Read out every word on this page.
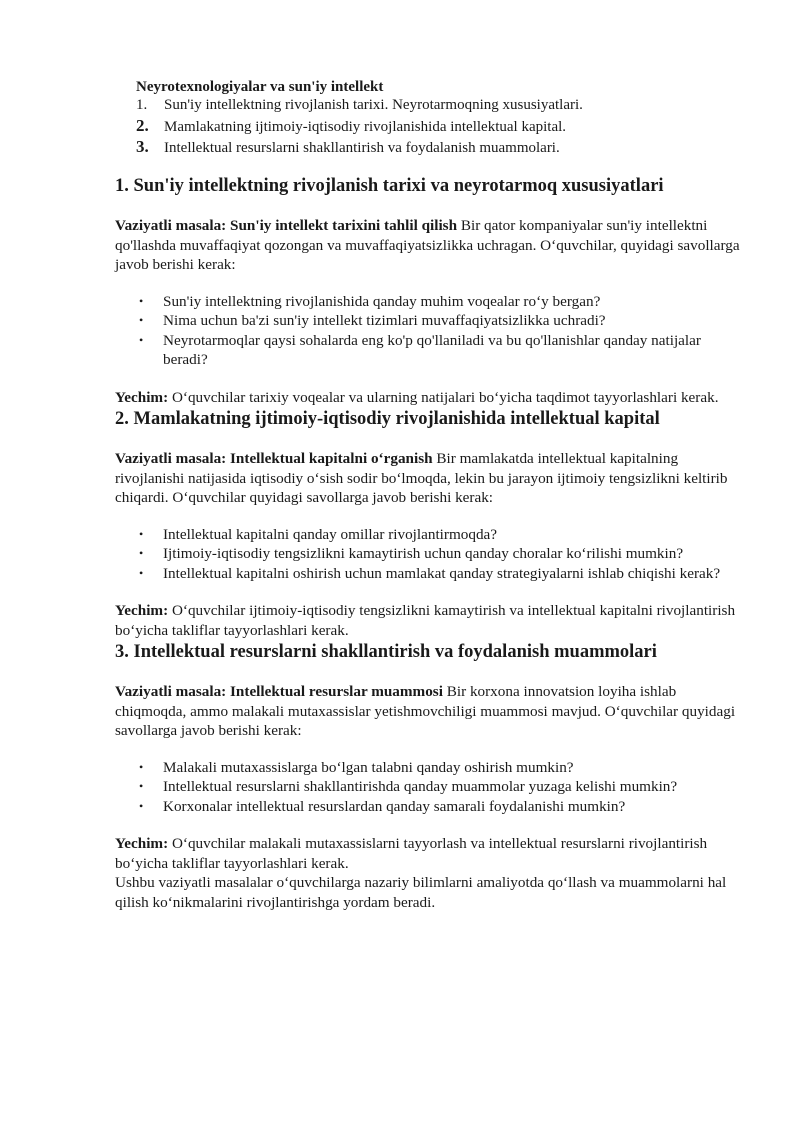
Neyrotexnologiyalar va sun'iy intellekt

1.	Sun'iy intellektning rivojlanish tarixi. Neyrotarmoqning xususiyatlari.
2.	Mamlakatning ijtimoiy-iqtisodiy rivojlanishida intellektual kapital.
3.	Intellektual resurslarni shakllantirish va foydalanish muammolari.
1. Sun'iy intellektning rivojlanish tarixi va neyrotarmoq xususiyatlari

Vaziyatli masala: Sun'iy intellekt tarixini tahlil qilish Bir qator kompaniyalar sun'iy intellektni qo'llashda muvaffaqiyat qozongan va muvaffaqiyatsizlikka uchragan. O‘quvchilar, quyidagi savollarga javob berishi kerak:

• Sun'iy intellektning rivojlanishida qanday muhim voqealar ro‘y bergan?
• Nima uchun ba'zi sun'iy intellekt tizimlari muvaffaqiyatsizlikka uchradi?
• Neyrotarmoqlar qaysi sohalarda eng ko'p qo'llaniladi va bu qo'llanishlar qanday natijalar beradi?

Yechim: O‘quvchilar tarixiy voqealar va ularning natijalari bo‘yicha taqdimot tayyorlashlari kerak.

2. Mamlakatning ijtimoiy-iqtisodiy rivojlanishida intellektual kapital

Vaziyatli masala: Intellektual kapitalni o‘rganish Bir mamlakatda intellektual kapitalning rivojlanishi natijasida iqtisodiy o‘sish sodir bo‘lmoqda, lekin bu jarayon ijtimoiy tengsizlikni keltirib chiqardi. O‘quvchilar quyidagi savollarga javob berishi kerak:

• Intellektual kapitalni qanday omillar rivojlantirmoqda?
• Ijtimoiy-iqtisodiy tengsizlikni kamaytirish uchun qanday choralar ko‘rilishi mumkin?
• Intellektual kapitalni oshirish uchun mamlakat qanday strategiyalarni ishlab chiqishi kerak?

Yechim: O‘quvchilar ijtimoiy-iqtisodiy tengsizlikni kamaytirish va intellektual kapitalni rivojlantirish bo‘yicha takliflar tayyorlashlari kerak.

3. Intellektual resurslarni shakllantirish va foydalanish muammolari

Vaziyatli masala: Intellektual resurslar muammosi Bir korxona innovatsion loyiha ishlab chiqmoqda, ammo malakali mutaxassislar yetishmovchiligi muammosi mavjud. O‘quvchilar quyidagi savollarga javob berishi kerak:

• Malakali mutaxassislarga bo‘lgan talabni qanday oshirish mumkin?
• Intellektual resurslarni shakllantirishda qanday muammolar yuzaga kelishi mumkin?
• Korxonalar intellektual resurslardan qanday samarali foydalanishi mumkin?

Yechim: O‘quvchilar malakali mutaxassislarni tayyorlash va intellektual resurslarni rivojlantirish bo‘yicha takliflar tayyorlashlari kerak.

Ushbu vaziyatli masalalar o‘quvchilarga nazariy bilimlarni amaliyotda qo‘llash va muammolarni hal qilish ko‘nikmalarini rivojlantirishga yordam beradi.
